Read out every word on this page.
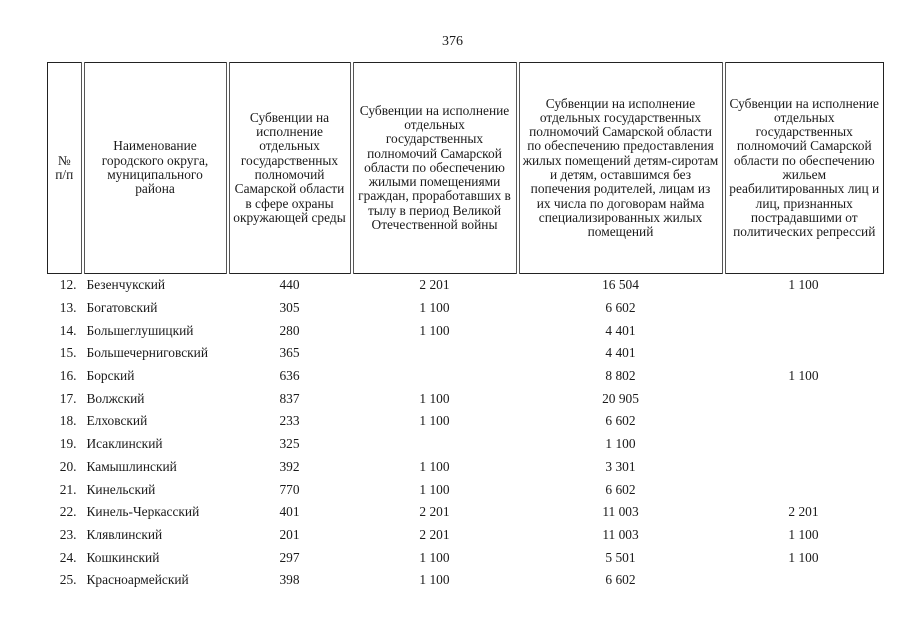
376
№ п/п	Наименование городского округа, муниципального района	Субвенции на исполнение отдельных государственных полномочий Самарской области в сфере охраны окружающей среды	Субвенции на исполнение отдельных государственных полномочий Самарской области по обеспечению жилыми помещениями граждан, проработавших в тылу в период Великой Отечественной войны	Субвенции на исполнение отдельных государственных полномочий Самарской области по обеспечению предоставления жилых помещений детям-сиротам и детям, оставшимся без попечения родителей, лицам из их числа по договорам найма специализированных жилых помещений	Субвенции на исполнение отдельных государственных полномочий Самарской области по обеспечению жильем реабилитированных лиц и лиц, признанных пострадавшими от политических репрессий
12.	Безенчукский	440	2 201	16 504	1 100
13.	Богатовский	305	1 100	6 602	
14.	Большеглушицкий	280	1 100	4 401	
15.	Большечерниговский	365		4 401	
16.	Борский	636		8 802	1 100
17.	Волжский	837	1 100	20 905	
18.	Елховский	233	1 100	6 602	
19.	Исаклинский	325		1 100	
20.	Камышлинский	392	1 100	3 301	
21.	Кинельский	770	1 100	6 602	
22.	Кинель-Черкасский	401	2 201	11 003	2 201
23.	Клявлинский	201	2 201	11 003	1 100
24.	Кошкинский	297	1 100	5 501	1 100
25.	Красноармейский	398	1 100	6 602	
